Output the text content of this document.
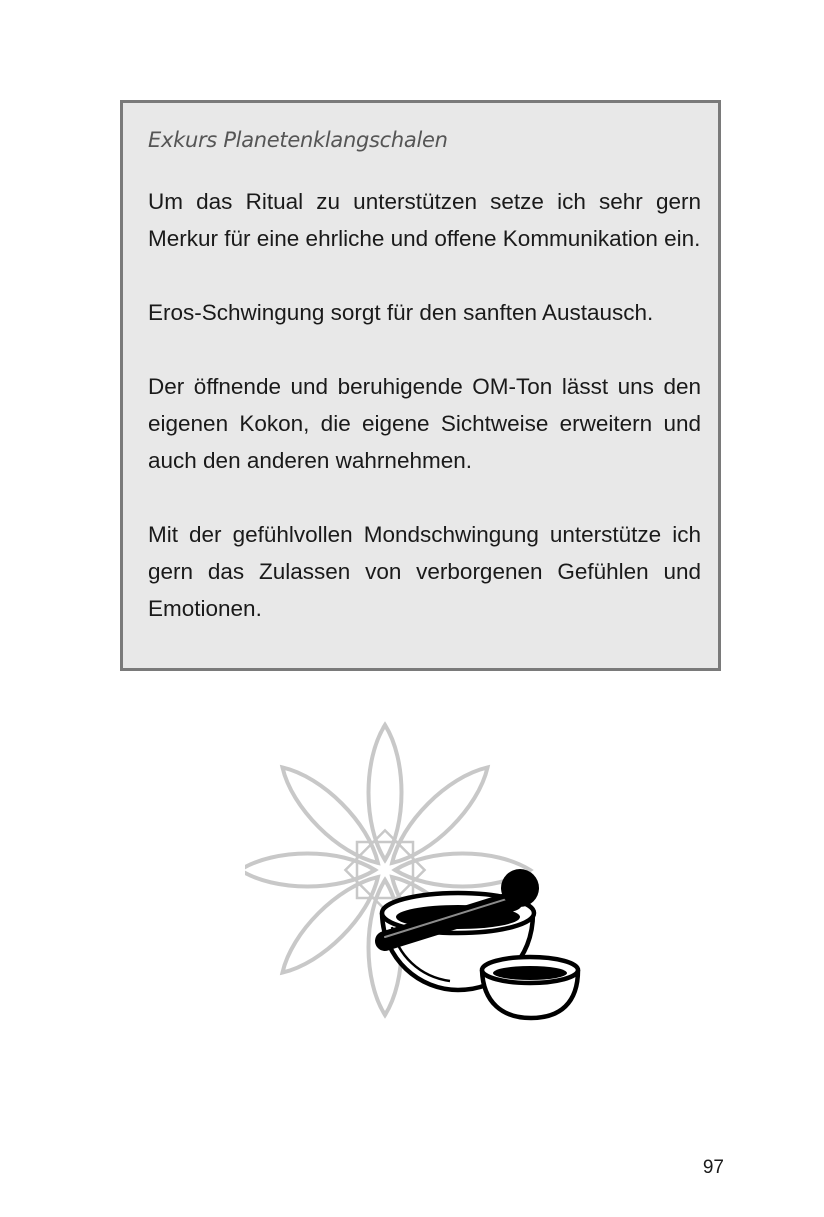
Exkurs Planetenklangschalen

Um das Ritual zu unterstützen setze ich sehr gern Merkur für eine ehrliche und offene Kommunikation ein.

Eros-Schwingung sorgt für den sanften Austausch.

Der öffnende und beruhigende OM-Ton lässt uns den eigenen Kokon, die eigene Sichtweise erweitern und auch den anderen wahrnehmen.

Mit der gefühlvollen Mondschwingung unterstütze ich gern das Zulassen von verborgenen Gefühlen und Emotionen.

97
